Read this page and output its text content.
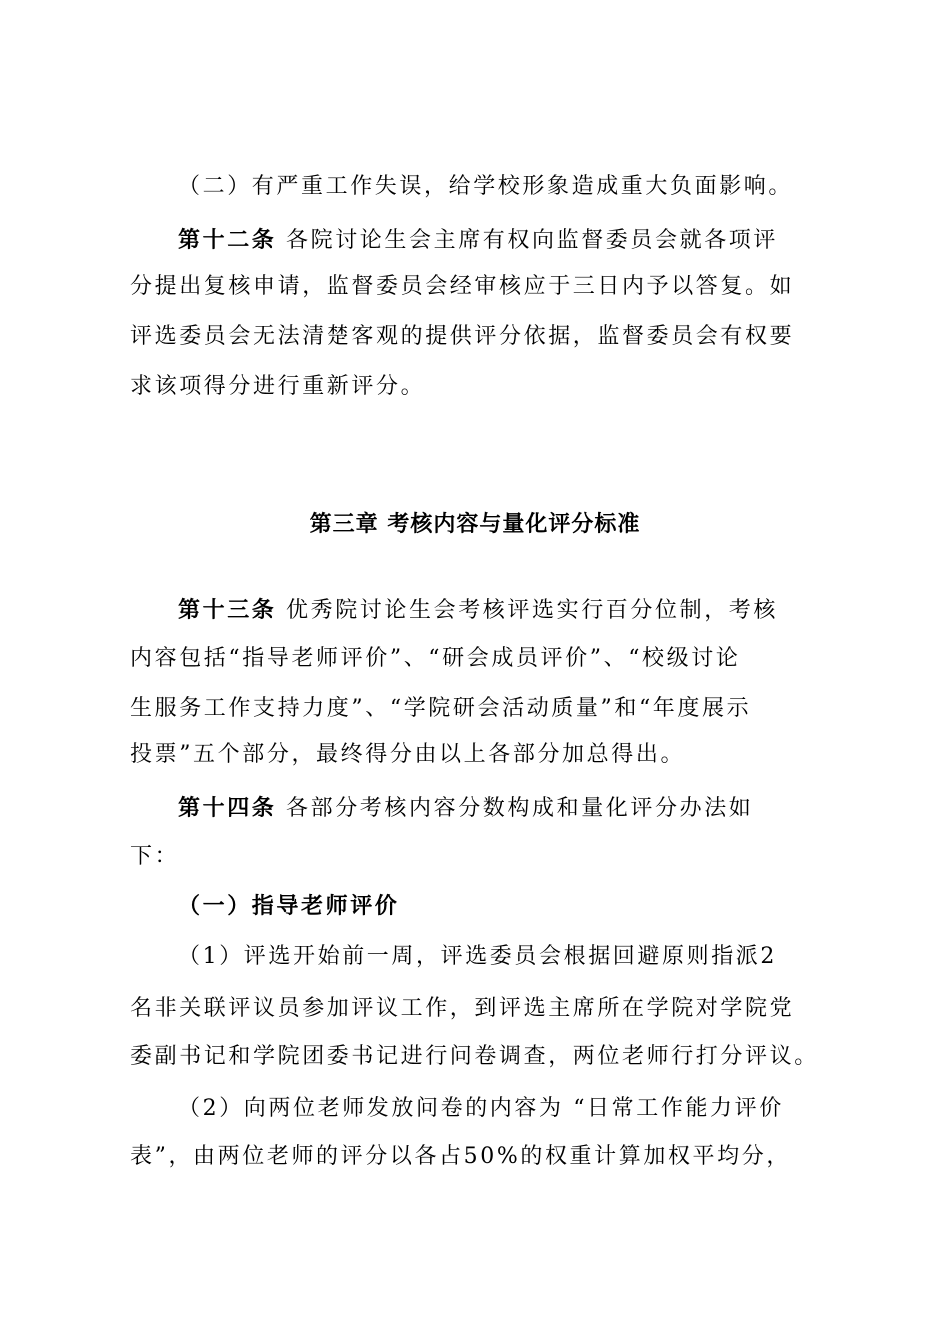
（二）有严重工作失误，给学校形象造成重大负面影响。
第十二条 各院讨论生会主席有权向监督委员会就各项评
分提出复核申请，监督委员会经审核应于三日内予以答复。如
评选委员会无法清楚客观的提供评分依据，监督委员会有权要
求该项得分进行重新评分。
第三章 考核内容与量化评分标准
第十三条 优秀院讨论生会考核评选实行百分位制，考核
内容包括“指导老师评价”、“研会成员评价”、“校级讨论
生服务工作支持力度”、“学院研会活动质量”和“年度展示
投票”五个部分，最终得分由以上各部分加总得出。
第十四条 各部分考核内容分数构成和量化评分办法如
下：
（一）指导老师评价
（1）评选开始前一周，评选委员会根据回避原则指派2
名非关联评议员参加评议工作，到评选主席所在学院对学院党
委副书记和学院团委书记进行问卷调查，两位老师行打分评议。
（2）向两位老师发放问卷的内容为 “日常工作能力评价
表”，由两位老师的评分以各占50%的权重计算加权平均分，
